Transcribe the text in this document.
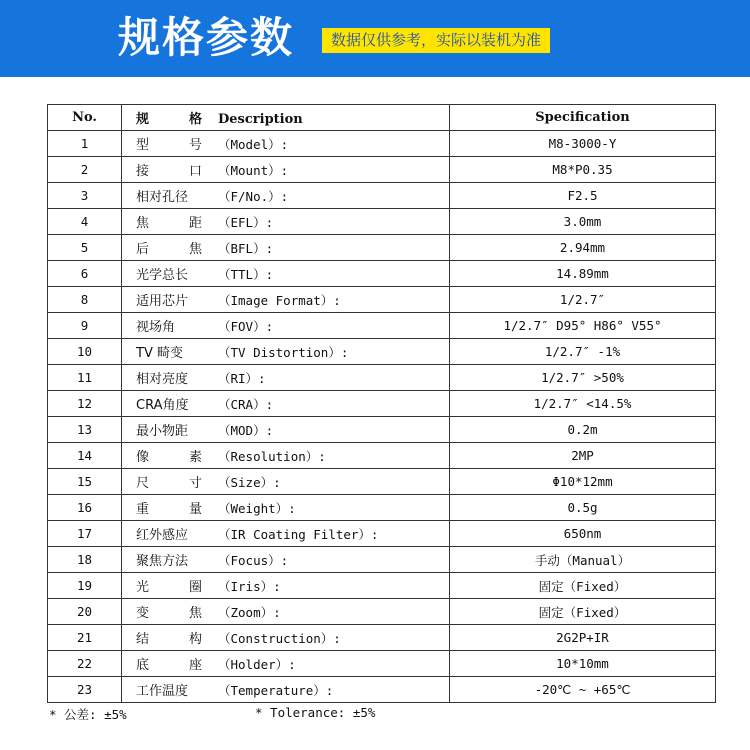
规格参数	数据仅供参考，实际以装机为准
No.	规 格 Description	Specification
1	型号 （Model）:	M8-3000-Y
2	接口 （Mount）:	M8*P0.35
3	相对孔径 （F/No.）:	F2.5
4	焦距 （EFL）:	3.0mm
5	后焦 （BFL）:	2.94mm
6	光学总长 （TTL）:	14.89mm
8	适用芯片 （Image Format）:	1/2.7″
9	视场角 （FOV）:	1/2.7″ D95° H86° V55°
10	TV 畸变 （TV Distortion）:	1/2.7″ -1%
11	相对亮度 （RI）:	1/2.7″ >50%
12	CRA角度 （CRA）:	1/2.7″ <14.5%
13	最小物距 （MOD）:	0.2m
14	像素 （Resolution）:	2MP
15	尺寸 （Size）:	Φ10*12mm
16	重量 （Weight）:	0.5g
17	红外感应 （IR Coating Filter）:	650nm
18	聚焦方法 （Focus）:	手动（Manual）
19	光圈 （Iris）:	固定（Fixed）
20	变焦 （Zoom）:	固定（Fixed）
21	结构 （Construction）:	2G2P+IR
22	底座 （Holder）:	10*10mm
23	工作温度 （Temperature）:	-20℃ ~ +65℃
* 公差: ±5%	* Tolerance: ±5%
